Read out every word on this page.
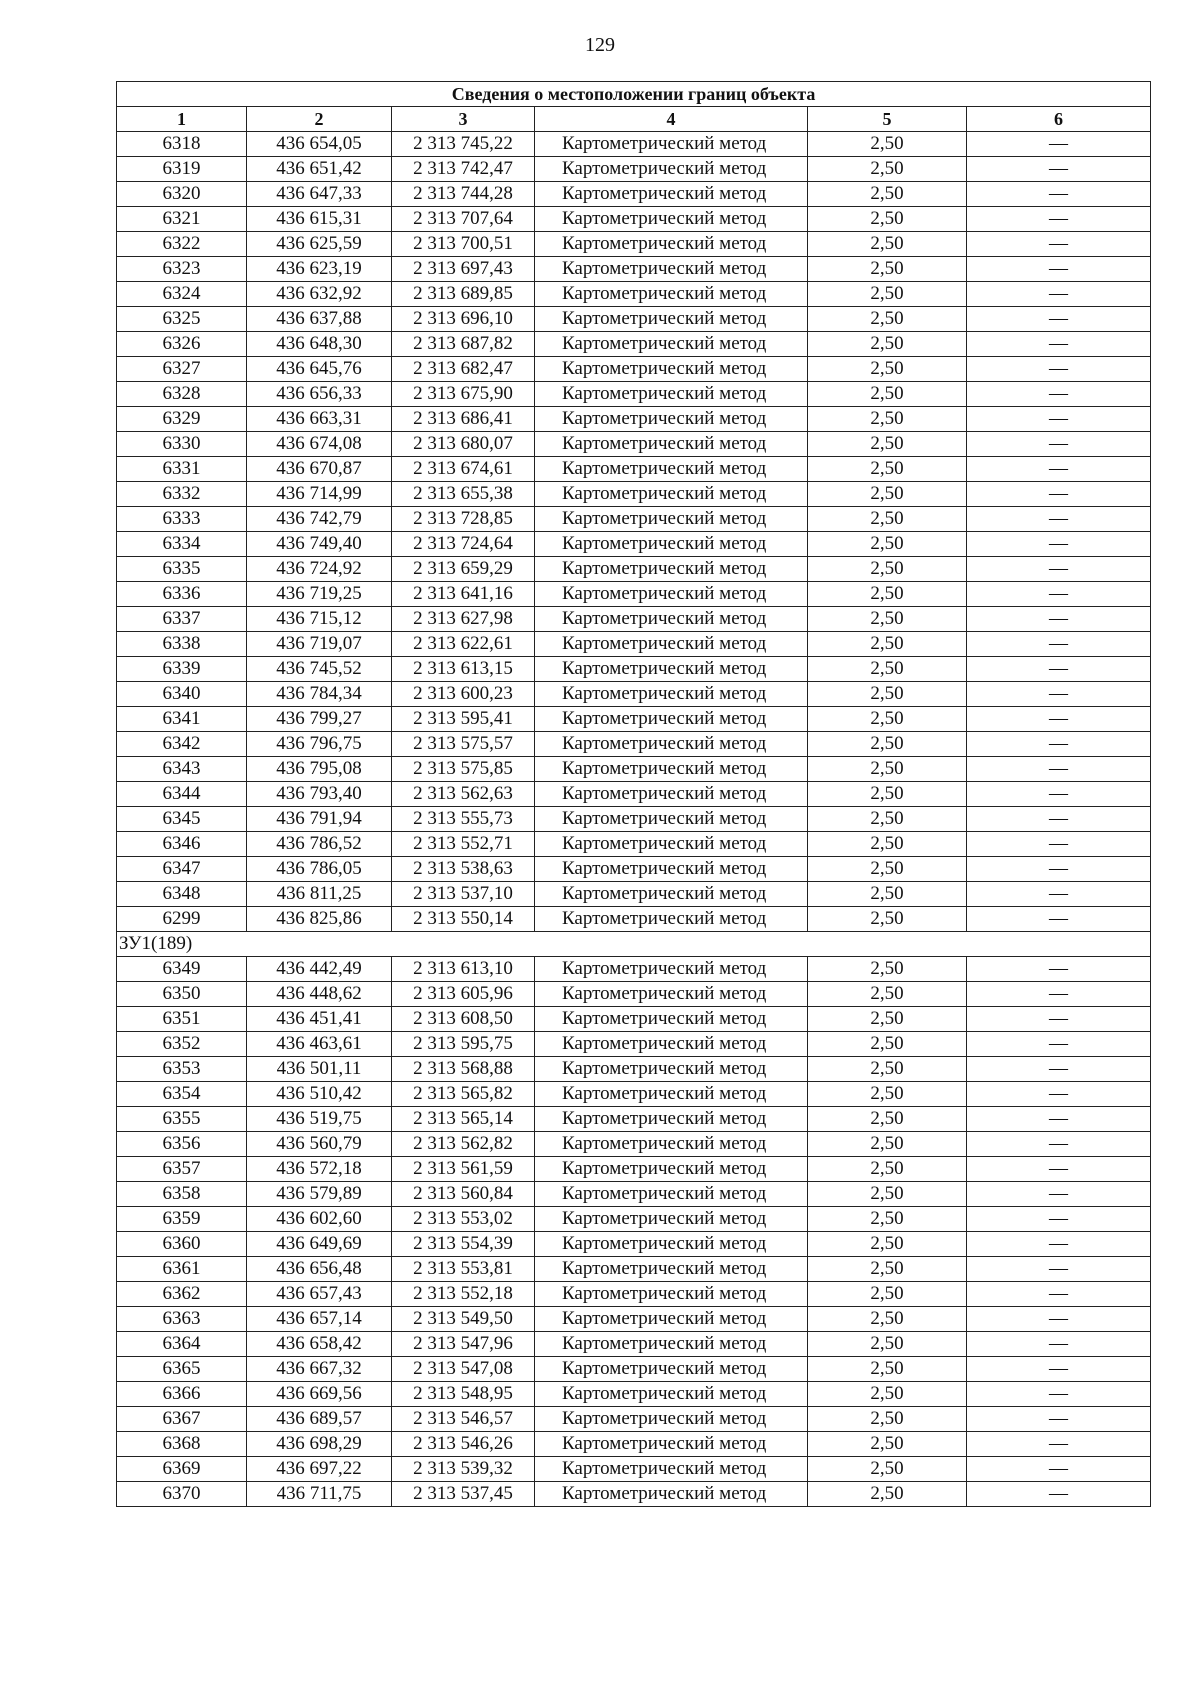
129
Сведения о местоположении границ объекта					
1	2	3	4	5	6
6318	436 654,05	2 313 745,22	Картометрический метод	2,50	—
6319	436 651,42	2 313 742,47	Картометрический метод	2,50	—
6320	436 647,33	2 313 744,28	Картометрический метод	2,50	—
6321	436 615,31	2 313 707,64	Картометрический метод	2,50	—
6322	436 625,59	2 313 700,51	Картометрический метод	2,50	—
6323	436 623,19	2 313 697,43	Картометрический метод	2,50	—
6324	436 632,92	2 313 689,85	Картометрический метод	2,50	—
6325	436 637,88	2 313 696,10	Картометрический метод	2,50	—
6326	436 648,30	2 313 687,82	Картометрический метод	2,50	—
6327	436 645,76	2 313 682,47	Картометрический метод	2,50	—
6328	436 656,33	2 313 675,90	Картометрический метод	2,50	—
6329	436 663,31	2 313 686,41	Картометрический метод	2,50	—
6330	436 674,08	2 313 680,07	Картометрический метод	2,50	—
6331	436 670,87	2 313 674,61	Картометрический метод	2,50	—
6332	436 714,99	2 313 655,38	Картометрический метод	2,50	—
6333	436 742,79	2 313 728,85	Картометрический метод	2,50	—
6334	436 749,40	2 313 724,64	Картометрический метод	2,50	—
6335	436 724,92	2 313 659,29	Картометрический метод	2,50	—
6336	436 719,25	2 313 641,16	Картометрический метод	2,50	—
6337	436 715,12	2 313 627,98	Картометрический метод	2,50	—
6338	436 719,07	2 313 622,61	Картометрический метод	2,50	—
6339	436 745,52	2 313 613,15	Картометрический метод	2,50	—
6340	436 784,34	2 313 600,23	Картометрический метод	2,50	—
6341	436 799,27	2 313 595,41	Картометрический метод	2,50	—
6342	436 796,75	2 313 575,57	Картометрический метод	2,50	—
6343	436 795,08	2 313 575,85	Картометрический метод	2,50	—
6344	436 793,40	2 313 562,63	Картометрический метод	2,50	—
6345	436 791,94	2 313 555,73	Картометрический метод	2,50	—
6346	436 786,52	2 313 552,71	Картометрический метод	2,50	—
6347	436 786,05	2 313 538,63	Картометрический метод	2,50	—
6348	436 811,25	2 313 537,10	Картометрический метод	2,50	—
6299	436 825,86	2 313 550,14	Картометрический метод	2,50	—
ЗУ1(189)					
6349	436 442,49	2 313 613,10	Картометрический метод	2,50	—
6350	436 448,62	2 313 605,96	Картометрический метод	2,50	—
6351	436 451,41	2 313 608,50	Картометрический метод	2,50	—
6352	436 463,61	2 313 595,75	Картометрический метод	2,50	—
6353	436 501,11	2 313 568,88	Картометрический метод	2,50	—
6354	436 510,42	2 313 565,82	Картометрический метод	2,50	—
6355	436 519,75	2 313 565,14	Картометрический метод	2,50	—
6356	436 560,79	2 313 562,82	Картометрический метод	2,50	—
6357	436 572,18	2 313 561,59	Картометрический метод	2,50	—
6358	436 579,89	2 313 560,84	Картометрический метод	2,50	—
6359	436 602,60	2 313 553,02	Картометрический метод	2,50	—
6360	436 649,69	2 313 554,39	Картометрический метод	2,50	—
6361	436 656,48	2 313 553,81	Картометрический метод	2,50	—
6362	436 657,43	2 313 552,18	Картометрический метод	2,50	—
6363	436 657,14	2 313 549,50	Картометрический метод	2,50	—
6364	436 658,42	2 313 547,96	Картометрический метод	2,50	—
6365	436 667,32	2 313 547,08	Картометрический метод	2,50	—
6366	436 669,56	2 313 548,95	Картометрический метод	2,50	—
6367	436 689,57	2 313 546,57	Картометрический метод	2,50	—
6368	436 698,29	2 313 546,26	Картометрический метод	2,50	—
6369	436 697,22	2 313 539,32	Картометрический метод	2,50	—
6370	436 711,75	2 313 537,45	Картометрический метод	2,50	—
